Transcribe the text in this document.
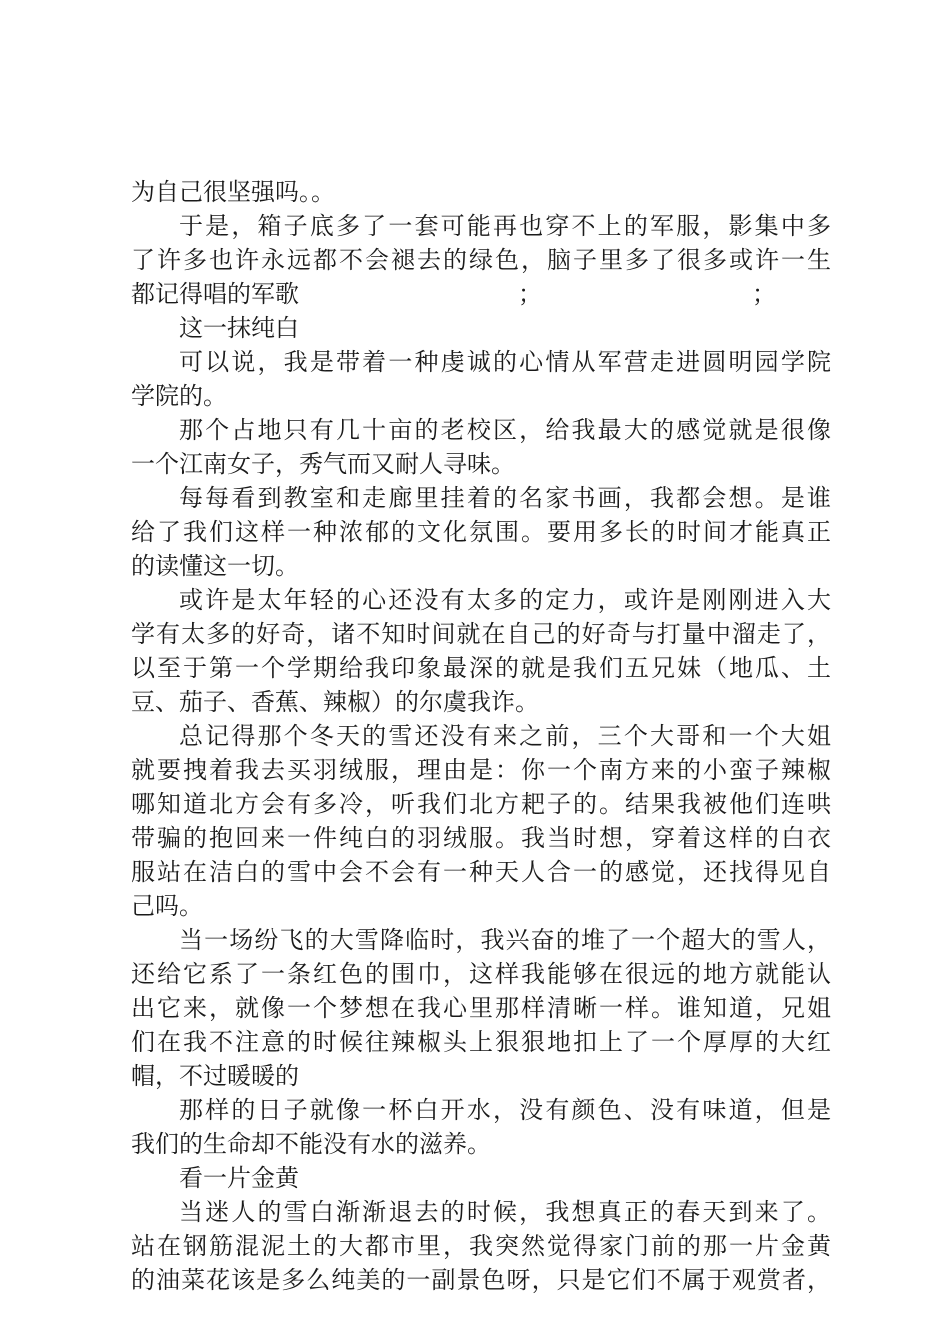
为自己很坚强吗。。
于是，箱子底多了一套可能再也穿不上的军服，影集中多
了许多也许永远都不会褪去的绿色，脑子里多了很多或许一生
都记得唱的军歌	；	；
这一抹纯白
可以说，我是带着一种虔诚的心情从军营走进圆明园学院
学院的。
那个占地只有几十亩的老校区，给我最大的感觉就是很像
一个江南女子，秀气而又耐人寻味。
每每看到教室和走廊里挂着的名家书画，我都会想。是谁
给了我们这样一种浓郁的文化氛围。要用多长的时间才能真正
的读懂这一切。
或许是太年轻的心还没有太多的定力，或许是刚刚进入大
学有太多的好奇，诸不知时间就在自己的好奇与打量中溜走了，
以至于第一个学期给我印象最深的就是我们五兄妹（地瓜、土
豆、茄子、香蕉、辣椒）的尔虞我诈。
总记得那个冬天的雪还没有来之前，三个大哥和一个大姐
就要拽着我去买羽绒服，理由是：你一个南方来的小蛮子辣椒
哪知道北方会有多冷，听我们北方耙子的。结果我被他们连哄
带骗的抱回来一件纯白的羽绒服。我当时想，穿着这样的白衣
服站在洁白的雪中会不会有一种天人合一的感觉，还找得见自
己吗。
当一场纷飞的大雪降临时，我兴奋的堆了一个超大的雪人，
还给它系了一条红色的围巾，这样我能够在很远的地方就能认
出它来，就像一个梦想在我心里那样清晰一样。谁知道，兄姐
们在我不注意的时候往辣椒头上狠狠地扣上了一个厚厚的大红
帽，不过暖暖的
那样的日子就像一杯白开水，没有颜色、没有味道，但是
我们的生命却不能没有水的滋养。
看一片金黄
当迷人的雪白渐渐退去的时候，我想真正的春天到来了。
站在钢筋混泥土的大都市里，我突然觉得家门前的那一片金黄
的油菜花该是多么纯美的一副景色呀，只是它们不属于观赏者，
